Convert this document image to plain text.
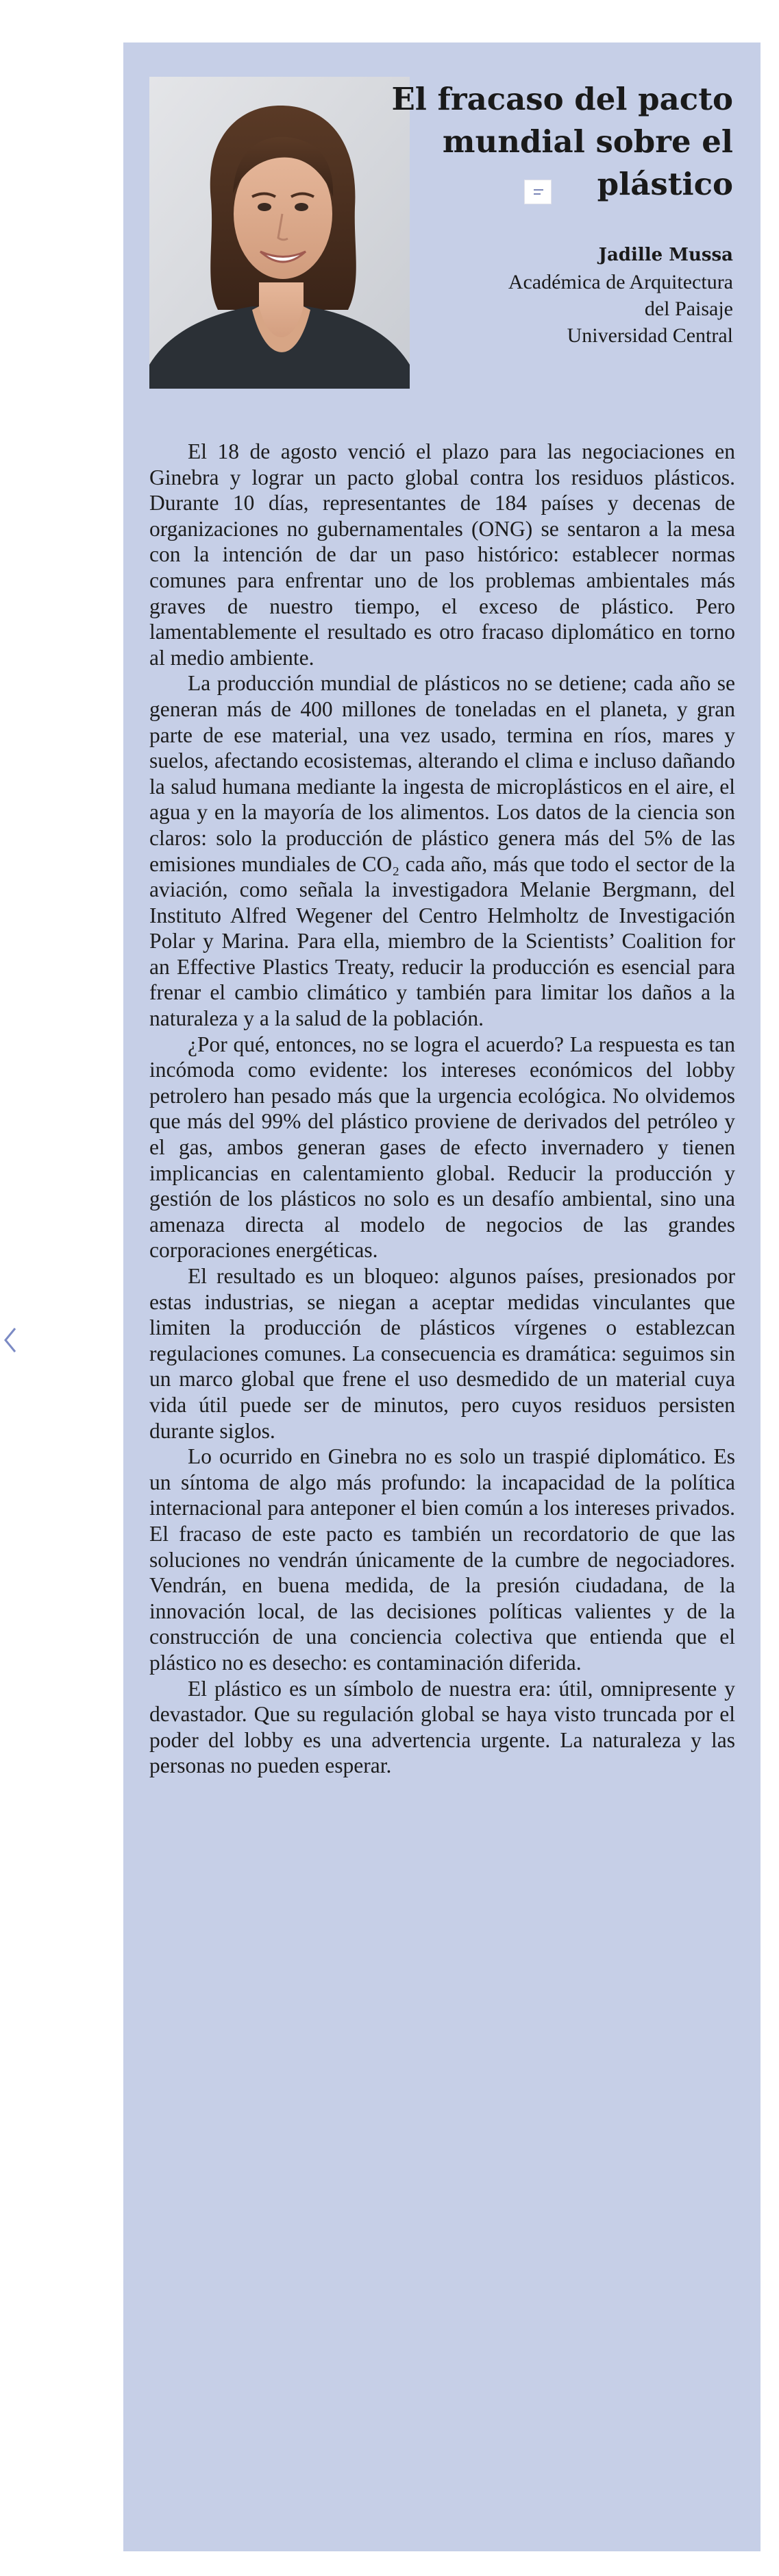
El fracaso del pacto mundial sobre el plástico
Jadille Mussa
Académica de Arquitectura
del Paisaje
Universidad Central

El 18 de agosto venció el plazo para las negociaciones en Ginebra y lograr un pacto global contra los residuos plásticos. Durante 10 días, representantes de 184 países y decenas de organizaciones no gubernamentales (ONG) se sentaron a la mesa con la intención de dar un paso histórico: establecer normas comunes para enfrentar uno de los problemas ambientales más graves de nuestro tiempo, el exceso de plástico. Pero lamentablemente el resultado es otro fracaso diplomático en torno al medio ambiente.

La producción mundial de plásticos no se detiene; cada año se generan más de 400 millones de toneladas en el planeta, y gran parte de ese material, una vez usado, termina en ríos, mares y suelos, afectando ecosistemas, alterando el clima e incluso dañando la salud humana mediante la ingesta de microplásticos en el aire, el agua y en la mayoría de los alimentos. Los datos de la ciencia son claros: solo la producción de plástico genera más del 5% de las emisiones mundiales de CO₂ cada año, más que todo el sector de la aviación, como señala la investigadora Melanie Bergmann, del Instituto Alfred Wegener del Centro Helmholtz de Investigación Polar y Marina. Para ella, miembro de la Scientists’ Coalition for an Effective Plastics Treaty, reducir la producción es esencial para frenar el cambio climático y también para limitar los daños a la naturaleza y a la salud de la población.

¿Por qué, entonces, no se logra el acuerdo? La respuesta es tan incómoda como evidente: los intereses económicos del lobby petrolero han pesado más que la urgencia ecológica. No olvidemos que más del 99% del plástico proviene de derivados del petróleo y el gas, ambos generan gases de efecto invernadero y tienen implicancias en calentamiento global. Reducir la producción y gestión de los plásticos no solo es un desafío ambiental, sino una amenaza directa al modelo de negocios de las grandes corporaciones energéticas.

El resultado es un bloqueo: algunos países, presionados por estas industrias, se niegan a aceptar medidas vinculantes que limiten la producción de plásticos vírgenes o establezcan regulaciones comunes. La consecuencia es dramática: seguimos sin un marco global que frene el uso desmedido de un material cuya vida útil puede ser de minutos, pero cuyos residuos persisten durante siglos.

Lo ocurrido en Ginebra no es solo un traspié diplomático. Es un síntoma de algo más profundo: la incapacidad de la política internacional para anteponer el bien común a los intereses privados. El fracaso de este pacto es también un recordatorio de que las soluciones no vendrán únicamente de la cumbre de negociadores. Vendrán, en buena medida, de la presión ciudadana, de la innovación local, de las decisiones políticas valientes y de la construcción de una conciencia colectiva que entienda que el plástico no es desecho: es contaminación diferida.

El plástico es un símbolo de nuestra era: útil, omnipresente y devastador. Que su regulación global se haya visto truncada por el poder del lobby es una advertencia urgente. La naturaleza y las personas no pueden esperar.
